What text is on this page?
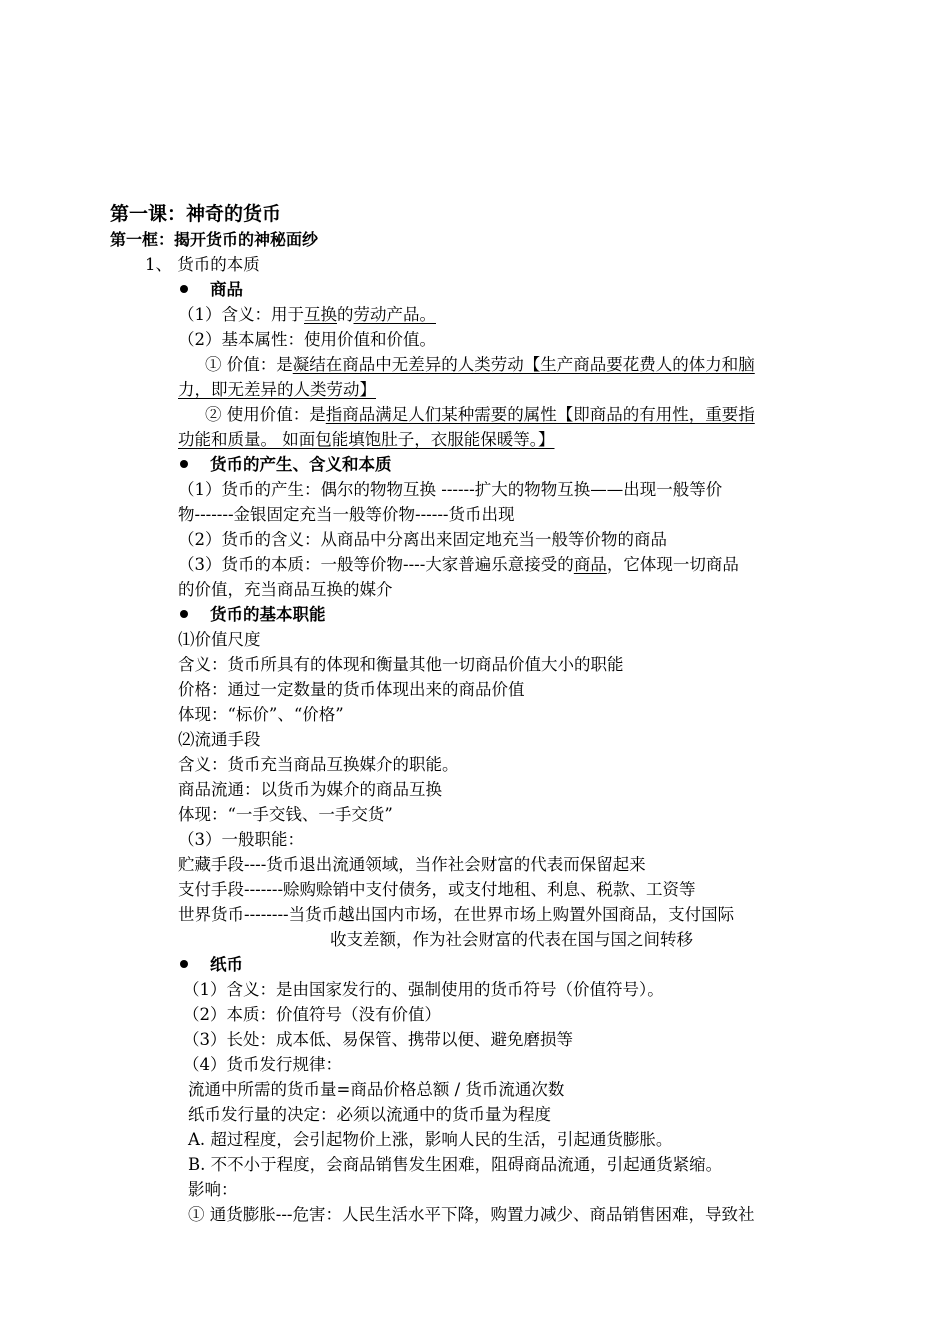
第一课：神奇的货币
第一框：揭开货币的神秘面纱
1、 货币的本质
商品
（1）含义：用于互换的劳动产品。
（2）基本属性：使用价值和价值。
① 价值：是凝结在商品中无差异的人类劳动【生产商品要花费人的体力和脑
力，即无差异的人类劳动】
② 使用价值：是指商品满足人们某种需要的属性【即商品的有用性，重要指
功能和质量。 如面包能填饱肚子，衣服能保暖等。】
货币的产生、含义和本质
（1）货币的产生：偶尔的物物互换 ------扩大的物物互换——出现一般等价
物-------金银固定充当一般等价物------货币出现
（2）货币的含义：从商品中分离出来固定地充当一般等价物的商品
（3）货币的本质：一般等价物----大家普遍乐意接受的商品，它体现一切商品
的价值，充当商品互换的媒介
货币的基本职能
⑴价值尺度
含义：货币所具有的体现和衡量其他一切商品价值大小的职能
价格：通过一定数量的货币体现出来的商品价值
体现：“标价”、“价格”
⑵流通手段
含义：货币充当商品互换媒介的职能。
商品流通：以货币为媒介的商品互换
体现：“一手交钱、一手交货”
（3）一般职能：
贮藏手段----货币退出流通领域，当作社会财富的代表而保留起来
支付手段-------赊购赊销中支付债务，或支付地租、利息、税款、工资等
世界货币--------当货币越出国内市场，在世界市场上购置外国商品，支付国际
收支差额，作为社会财富的代表在国与国之间转移
纸币
（1）含义：是由国家发行的、强制使用的货币符号（价值符号）。
（2）本质：价值符号（没有价值）
（3）长处：成本低、易保管、携带以便、避免磨损等
（4）货币发行规律：
流通中所需的货币量=商品价格总额 / 货币流通次数
纸币发行量的决定：必须以流通中的货币量为程度
A. 超过程度，会引起物价上涨，影响人民的生活，引起通货膨胀。
B. 不不小于程度，会商品销售发生困难，阻碍商品流通，引起通货紧缩。
影响：
① 通货膨胀---危害：人民生活水平下降，购置力减少、商品销售困难，导致社
